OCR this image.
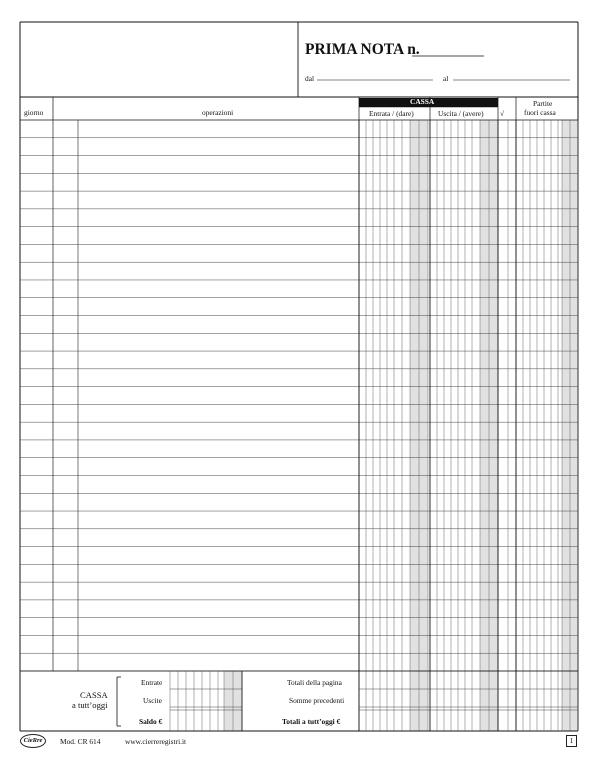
PRIMA NOTA n.
dal	al
giorno	operazioni
CASSA
Entrata / (dare)	Uscita / (avere) √
Partite
fuori cassa
CASSA
a tutt’oggi
Entrate
Uscite
Saldo €
Totali della pagina
Somme precedenti
Totali a tutt’oggi €
CieRre	Mod. CR 614	www.cierreregistri.it	1
